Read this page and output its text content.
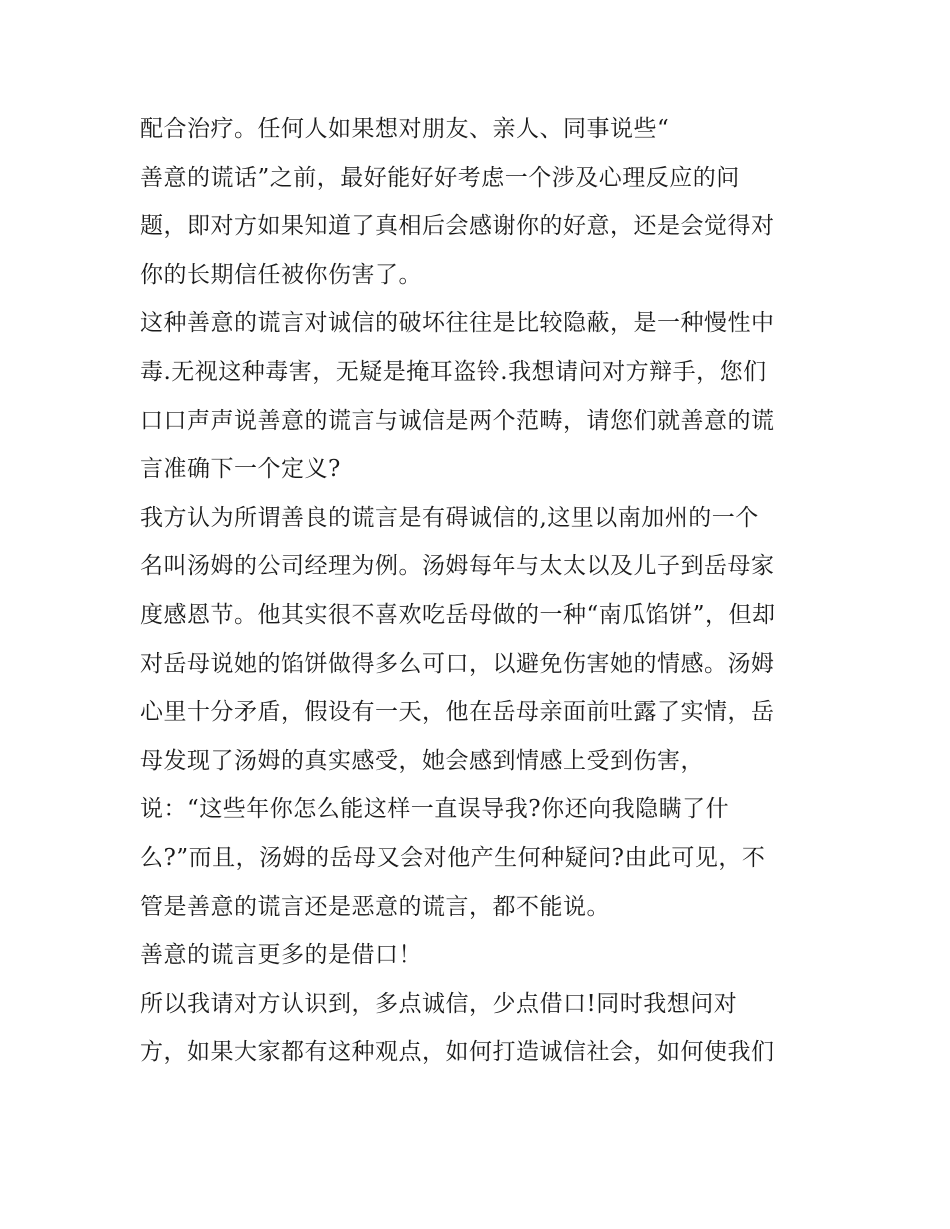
配合治疗。任何人如果想对朋友、亲人、同事说些“
善意的谎话”之前，最好能好好考虑一个涉及心理反应的问
题，即对方如果知道了真相后会感谢你的好意，还是会觉得对
你的长期信任被你伤害了。
这种善意的谎言对诚信的破坏往往是比较隐蔽，是一种慢性中
毒.无视这种毒害，无疑是掩耳盗铃.我想请问对方辩手，您们
口口声声说善意的谎言与诚信是两个范畴，请您们就善意的谎
言准确下一个定义?
我方认为所谓善良的谎言是有碍诚信的,这里以南加州的一个
名叫汤姆的公司经理为例。汤姆每年与太太以及儿子到岳母家
度感恩节。他其实很不喜欢吃岳母做的一种“南瓜馅饼”，但却
对岳母说她的馅饼做得多么可口，以避免伤害她的情感。汤姆
心里十分矛盾，假设有一天，他在岳母亲面前吐露了实情，岳
母发现了汤姆的真实感受，她会感到情感上受到伤害，
说：“这些年你怎么能这样一直误导我?你还向我隐瞒了什
么?”而且，汤姆的岳母又会对他产生何种疑问?由此可见，不
管是善意的谎言还是恶意的谎言，都不能说。
善意的谎言更多的是借口！
所以我请对方认识到，多点诚信，少点借口!同时我想问对
方，如果大家都有这种观点，如何打造诚信社会，如何使我们
